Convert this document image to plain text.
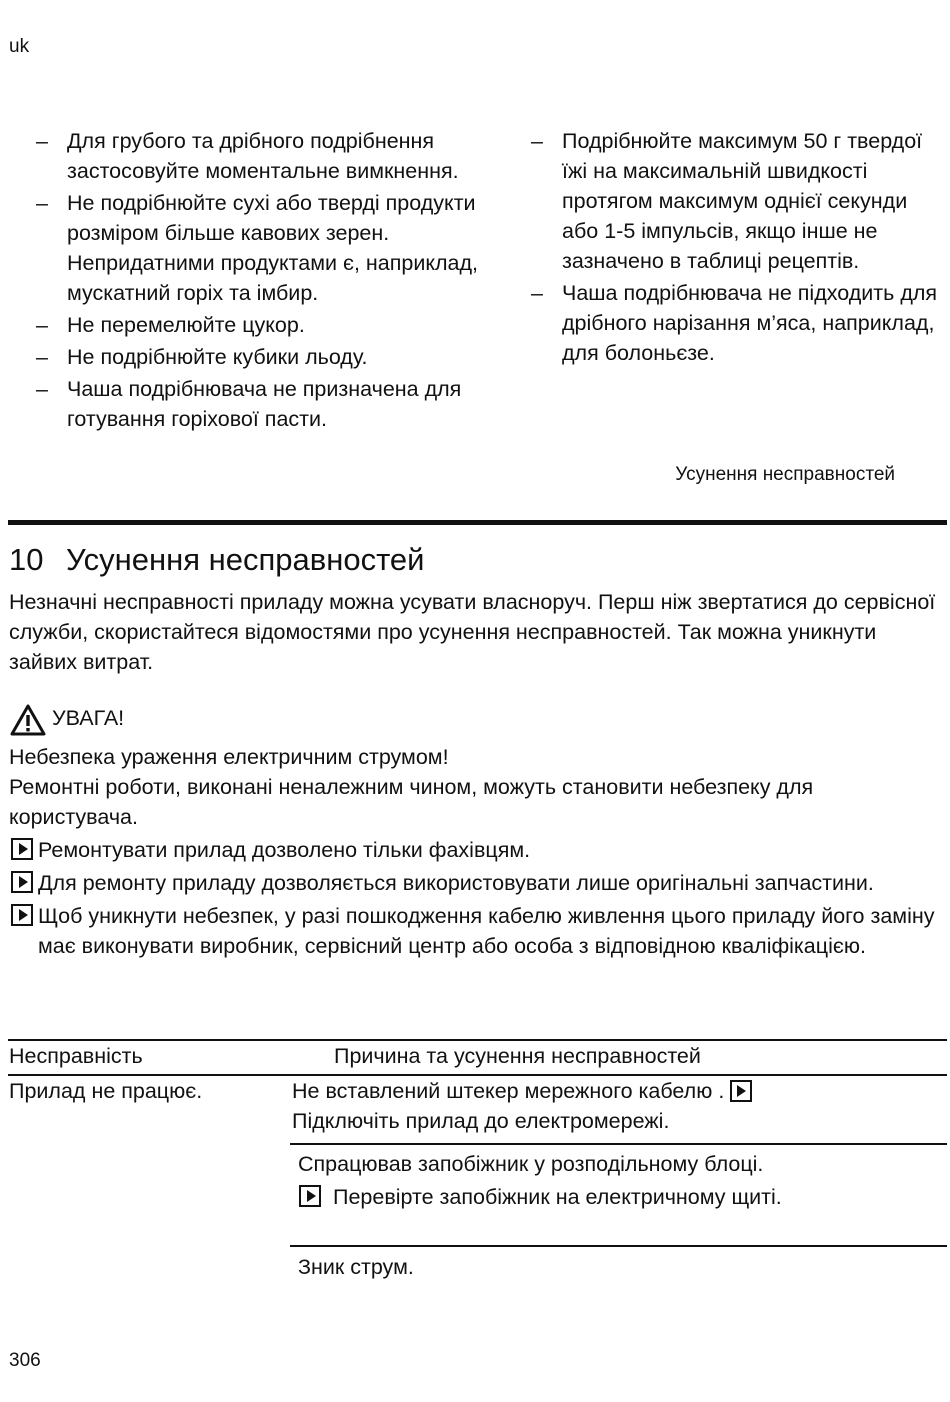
uk
– Для грубого та дрібного подрібнення застосовуйте моментальне вимкнення.
– Не подрібнюйте сухі або тверді продукти розміром більше кавових зерен. Непридатними продуктами є, наприклад, мускатний горіх та імбир.
– Не перемелюйте цукор.
– Не подрібнюйте кубики льоду.
– Чаша подрібнювача не призначена для готування горіхової пасти.
– Подрібнюйте максимум 50 г твердої їжі на максимальній швидкості протягом максимум однієї секунди або 1-5 імпульсів, якщо інше не зазначено в таблиці рецептів.
– Чаша подрібнювача не підходить для дрібного нарізання м’яса, наприклад, для болоньєзе.
Усунення несправностей
10 Усунення несправностей
Незначні несправності приладу можна усувати власноруч. Перш ніж звертатися до сервісної служби, скористайтеся відомостями про усунення несправностей. Так можна уникнути зайвих витрат.
УВАГА!
Небезпека ураження електричним струмом!
Ремонтні роботи, виконані неналежним чином, можуть становити небезпеку для користувача.
Ремонтувати прилад дозволено тільки фахівцям.
Для ремонту приладу дозволяється використовувати лише оригінальні запчастини.
Щоб уникнути небезпек, у разі пошкодження кабелю живлення цього приладу його заміну має виконувати виробник, сервісний центр або особа з відповідною кваліфікацією.
Несправність	Причина та усунення несправностей
Прилад не працює.	Не вставлений штекер мережного кабелю .
Підключіть прилад до електромережі.
Спрацював запобіжник у розподільному блоці.
Перевірте запобіжник на електричному щиті.
Зник струм.
306
